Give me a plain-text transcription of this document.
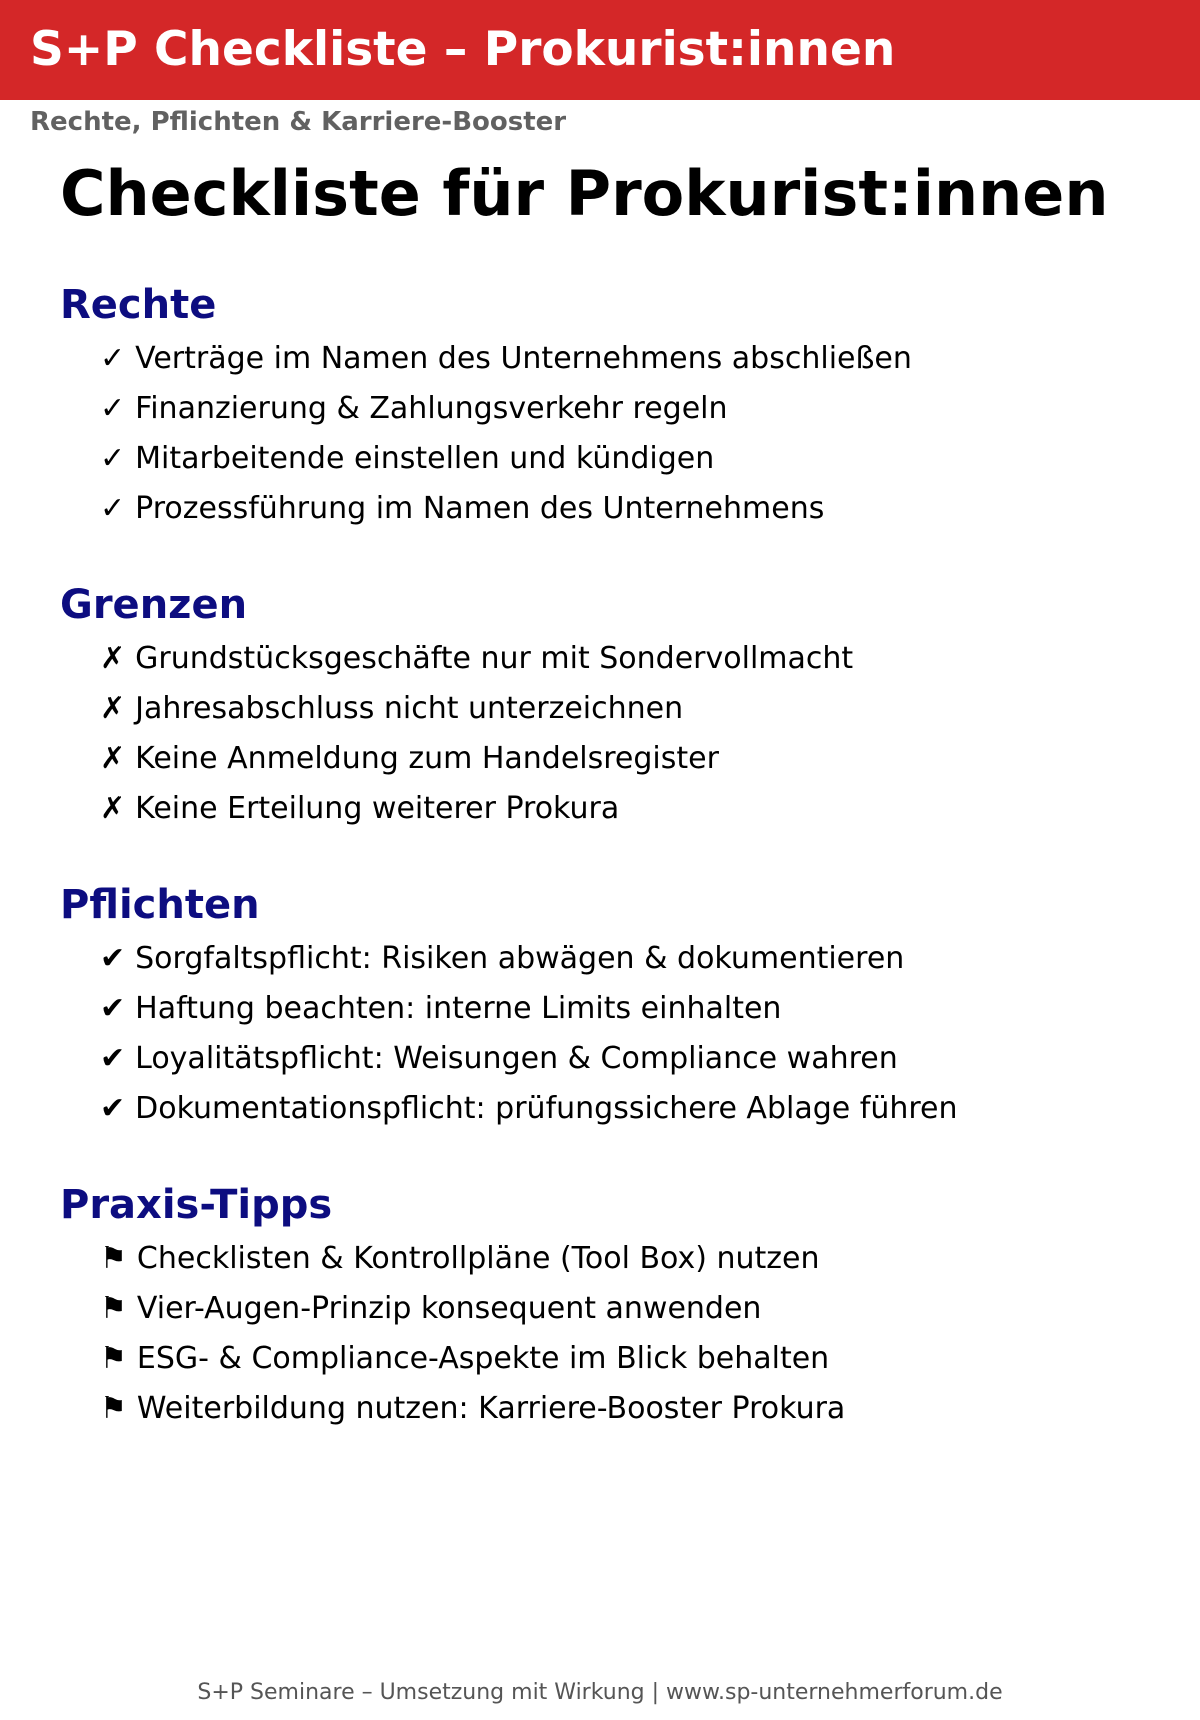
S+P Checkliste – Prokurist:innen
Rechte, Pflichten & Karriere-Booster
Checkliste für Prokurist:innen
Rechte
✓ Verträge im Namen des Unternehmens abschließen
✓ Finanzierung & Zahlungsverkehr regeln
✓ Mitarbeitende einstellen und kündigen
✓ Prozessführung im Namen des Unternehmens
Grenzen
✗ Grundstücksgeschäfte nur mit Sondervollmacht
✗ Jahresabschluss nicht unterzeichnen
✗ Keine Anmeldung zum Handelsregister
✗ Keine Erteilung weiterer Prokura
Pflichten
✔ Sorgfaltspflicht: Risiken abwägen & dokumentieren
✔ Haftung beachten: interne Limits einhalten
✔ Loyalitätspflicht: Weisungen & Compliance wahren
✔ Dokumentationspflicht: prüfungssichere Ablage führen
Praxis-Tipps
⚑ Checklisten & Kontrollpläne (Tool Box) nutzen
⚑ Vier-Augen-Prinzip konsequent anwenden
⚑ ESG- & Compliance-Aspekte im Blick behalten
⚑ Weiterbildung nutzen: Karriere-Booster Prokura
S+P Seminare – Umsetzung mit Wirkung | www.sp-unternehmerforum.de
